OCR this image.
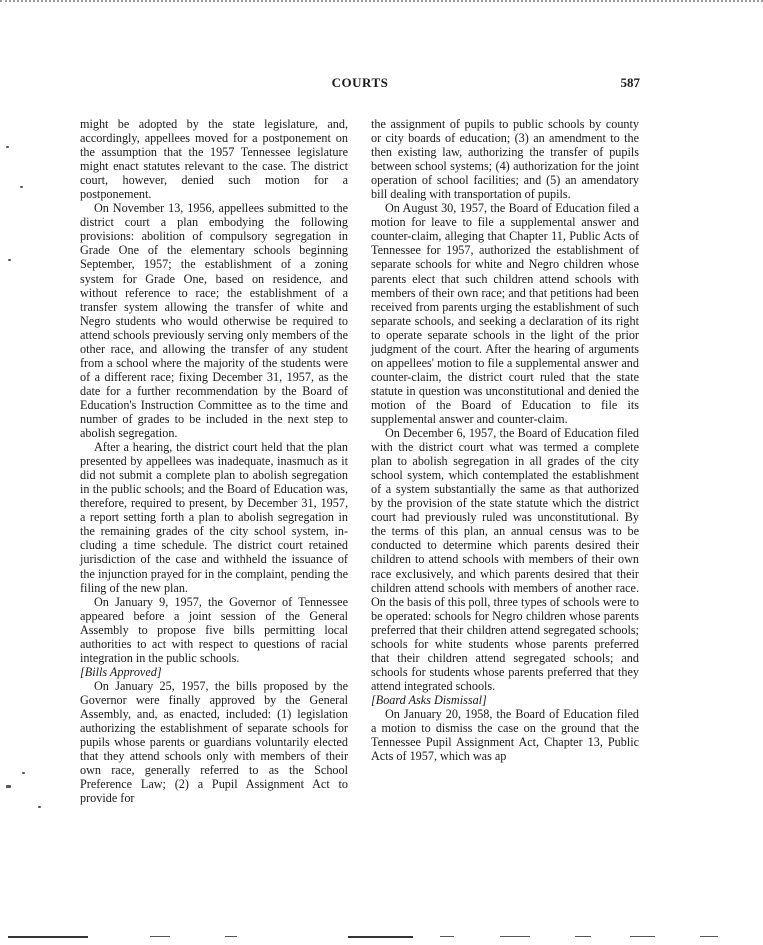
COURTS	587

might be adopted by the state legislature, and, accordingly, appellees moved for a postponement on the assumption that the 1957 Tennessee legislature might enact statutes relevant to the case. The district court, however, denied such motion for a postponement.

On November 13, 1956, appellees submitted to the district court a plan embodying the following provisions: abolition of compulsory segregation in Grade One of the elementary schools beginning September, 1957; the establishment of a zoning system for Grade One, based on residence, and without reference to race; the establishment of a transfer system allowing the transfer of white and Negro students who would otherwise be required to attend schools previously serving only members of the other race, and allowing the transfer of any student from a school where the majority of the students were of a different race; fixing December 31, 1957, as the date for a further recommendation by the Board of Education's Instruction Committee as to the time and number of grades to be included in the next step to abolish segregation.

After a hearing, the district court held that the plan presented by appellees was inadequate, inasmuch as it did not submit a complete plan to abolish segregation in the public schools; and the Board of Education was, therefore, required to present, by December 31, 1957, a report setting forth a plan to abolish segregation in the remaining grades of the city school system, including a time schedule. The district court retained jurisdiction of the case and withheld the issuance of the injunction prayed for in the complaint, pending the filing of the new plan.

On January 9, 1957, the Governor of Tennessee appeared before a joint session of the General Assembly to propose five bills permitting local authorities to act with respect to questions of racial integration in the public schools.

[Bills Approved]

On January 25, 1957, the bills proposed by the Governor were finally approved by the General Assembly, and, as enacted, included: (1) legislation authorizing the establishment of separate schools for pupils whose parents or guardians voluntarily elected that they attend schools only with members of their own race, generally referred to as the School Preference Law; (2) a Pupil Assignment Act to provide for

the assignment of pupils to public schools by county or city boards of education; (3) an amendment to the then existing law, authorizing the transfer of pupils between school systems; (4) authorization for the joint operation of school facilities; and (5) an amendatory bill dealing with transportation of pupils.

On August 30, 1957, the Board of Education filed a motion for leave to file a supplemental answer and counter-claim, alleging that Chapter 11, Public Acts of Tennessee for 1957, authorized the establishment of separate schools for white and Negro children whose parents elect that such children attend schools with members of their own race; and that petitions had been received from parents urging the establishment of such separate schools, and seeking a declaration of its right to operate separate schools in the light of the prior judgment of the court. After the hearing of arguments on appellees' motion to file a supplemental answer and counter-claim, the district court ruled that the state statute in question was unconstitutional and denied the motion of the Board of Education to file its supplemental answer and counter-claim.

On December 6, 1957, the Board of Education filed with the district court what was termed a complete plan to abolish segregation in all grades of the city school system, which contemplated the establishment of a system substantially the same as that authorized by the provision of the state statute which the district court had previously ruled was unconstitutional. By the terms of this plan, an annual census was to be conducted to determine which parents desired their children to attend schools with members of their own race exclusively, and which parents desired that their children attend schools with members of another race. On the basis of this poll, three types of schools were to be operated: schools for Negro children whose parents preferred that their children attend segregated schools; schools for white students whose parents preferred that their children attend segregated schools; and schools for students whose parents preferred that they attend integrated schools.

[Board Asks Dismissal]

On January 20, 1958, the Board of Education filed a motion to dismiss the case on the ground that the Tennessee Pupil Assignment Act, Chapter 13, Public Acts of 1957, which was ap
